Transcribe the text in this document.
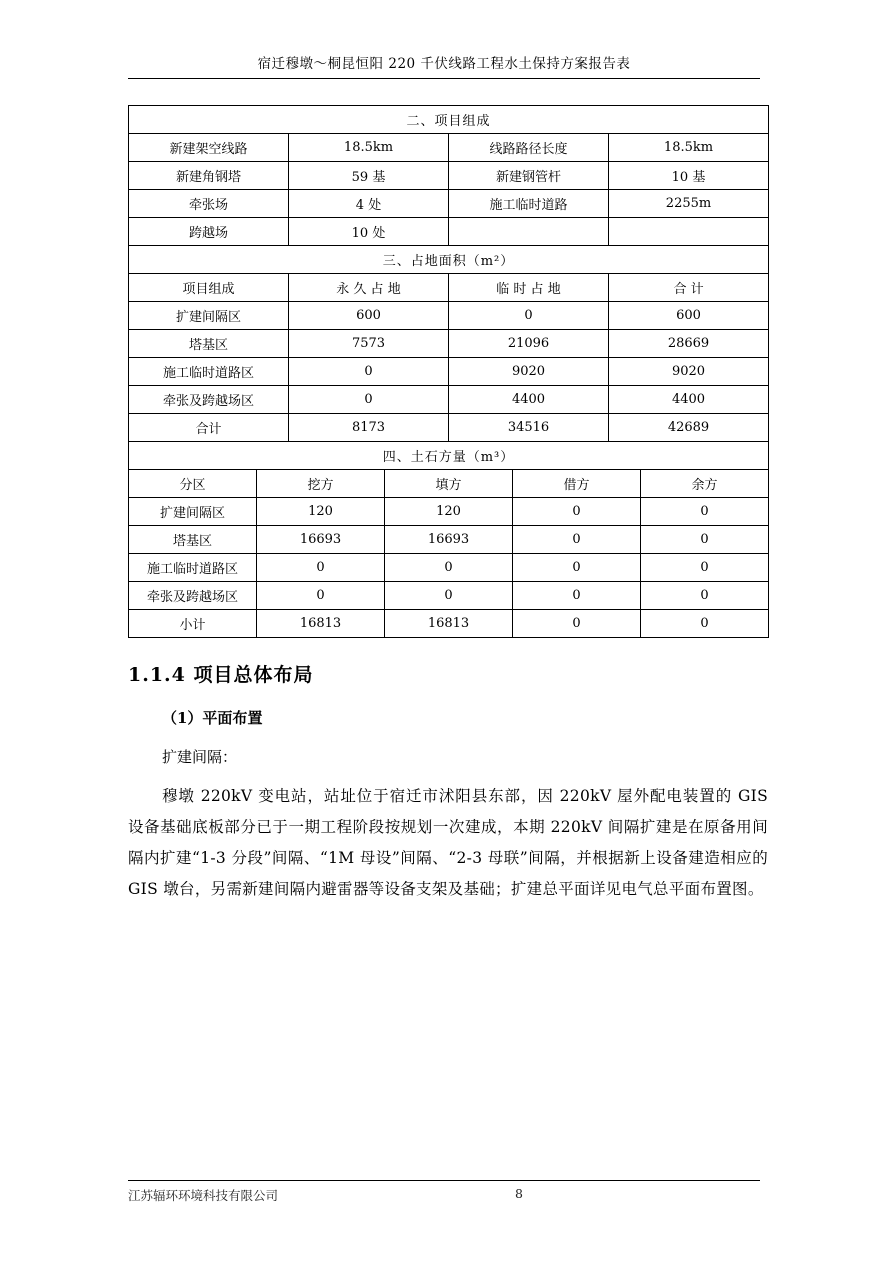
宿迁穆墩～桐昆恒阳 220 千伏线路工程水土保持方案报告表
二、项目组成			
新建架空线路	18.5km	线路路径长度	18.5km
新建角钢塔	59 基	新建钢管杆	10 基
牵张场	4 处	施工临时道路	2255m
跨越场	10 处		
三、占地面积（m²）			
项目组成	永 久 占 地	临 时 占 地	合 计
扩建间隔区	600	0	600
塔基区	7573	21096	28669
施工临时道路区	0	9020	9020
牵张及跨越场区	0	4400	4400
合计	8173	34516	42689
四、土石方量（m³）			
分区	挖方	填方	借方	余方
扩建间隔区	120	120	0	0
塔基区	16693	16693	0	0
施工临时道路区	0	0	0	0
牵张及跨越场区	0	0	0	0
小计	16813	16813	0	0
1.1.4 项目总体布局

（1）平面布置

扩建间隔：

穆墩 220kV 变电站，站址位于宿迁市沭阳县东部，因 220kV 屋外配电装置的 GIS 设备基础底板部分已于一期工程阶段按规划一次建成，本期 220kV 间隔扩建是在原备用间隔内扩建“1-3 分段”间隔、“1M 母设”间隔、“2-3 母联”间隔，并根据新上设备建造相应的 GIS 墩台，另需新建间隔内避雷器等设备支架及基础；扩建总平面详见电气总平面布置图。

江苏辐环环境科技有限公司	8
